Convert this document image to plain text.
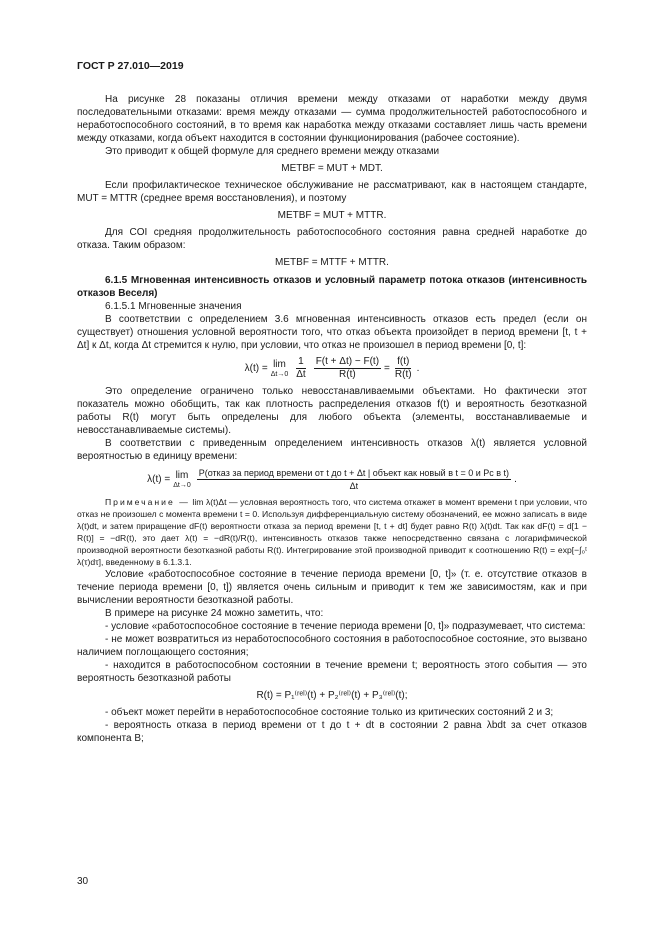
ГОСТ Р 27.010—2019

На рисунке 28 показаны отличия времени между отказами от наработки между двумя последовательными отказами: время между отказами — сумма продолжительностей работоспособного и неработоспособного состояний, в то время как наработка между отказами составляет лишь часть времени между отказами, когда объект находится в состоянии функционирования (рабочее состояние).

Это приводит к общей формуле для среднего времени между отказами

METBF = MUT + MDT.

Если профилактическое техническое обслуживание не рассматривают, как в настоящем стандарте, MUT = MTTR (среднее время восстановления), и поэтому

METBF = MUT + MTTR.

Для COI средняя продолжительность работоспособного состояния равна средней наработке до отказа. Таким образом:

METBF = MTTF + MTTR.

6.1.5 Мгновенная интенсивность отказов и условный параметр потока отказов (интенсивность отказов Веселя)

6.1.5.1 Мгновенные значения

В соответствии с определением 3.6 мгновенная интенсивность отказов есть предел (если он существует) отношения условной вероятности того, что отказ объекта произойдет в период времени [t, t + Δt] к Δt, когда Δt стремится к нулю, при условии, что отказ не произошел в период времени [0, t]:

λ(t) = lim
$\Delta t\to 0 \frac{1}{\Delta t} \frac{F(t + \Delta t) - F(t)}{R(t)} = \frac{f(t)}{R(t)}$ .

Это определение ограничено только невосстанавливаемыми объектами. Но фактически этот показатель можно обобщить, так как плотность распределения отказов f(t) и вероятность безотказной работы R(t) могут быть определены для любого объекта (элементы, восстанавливаемые и невосстанавливаемые системы).

В соответствии с приведенным определением интенсивность отказов λ(t) является условной вероятностью в единицу времени:

λ(t) = lim
Δt→0
P(отказ за период времени от t до t + Δt | объект как новый в t = 0 и Pc в t)
Δt
.

Примечание — lim λ(t)Δt — условная вероятность того, что система откажет в момент времени t при условии, что отказ не произошел с момента времени t = 0. Используя дифференциальную систему обозначений, ее можно записать в виде λ(t)dt, и затем приращение dF(t) вероятности отказа за период времени [t, t + dt] будет равно R(t) λ(t)dt. Так как dF(t) = d[1 − R(t)] = −dR(t), это дает λ(t) = −dR(t)/R(t), интенсивность отказов также непосредственно связана с логарифмической производной вероятности безотказной работы R(t). Интегрирование этой производной приводит к соотношению R(t) = exp[−∫₀ᵗ λ(τ)dτ], введенному в 6.1.3.1.

Условие «работоспособное состояние в течение периода времени [0, t]» (т. е. отсутствие отказов в течение периода времени [0, t]) является очень сильным и приводит к тем же зависимостям, как и при вычислении вероятности безотказной работы.

В примере на рисунке 24 можно заметить, что:

- условие «работоспособное состояние в течение периода времени [0, t]» подразумевает, что система:

- не может возвратиться из неработоспособного состояния в работоспособное состояние, это вызвано наличием поглощающего состояния;

- находится в работоспособном состоянии в течение времени t; вероятность этого события — это вероятность безотказной работы

R(t) = P₁⁽ʳᵉˡ⁾(t) + P₂⁽ʳᵉˡ⁾(t) + P₃⁽ʳᵉˡ⁾(t);

- объект может перейти в неработоспособное состояние только из критических состояний 2 и 3;

- вероятность отказа в период времени от t до t + dt в состоянии 2 равна λbdt за счет отказов компонента B;

30
